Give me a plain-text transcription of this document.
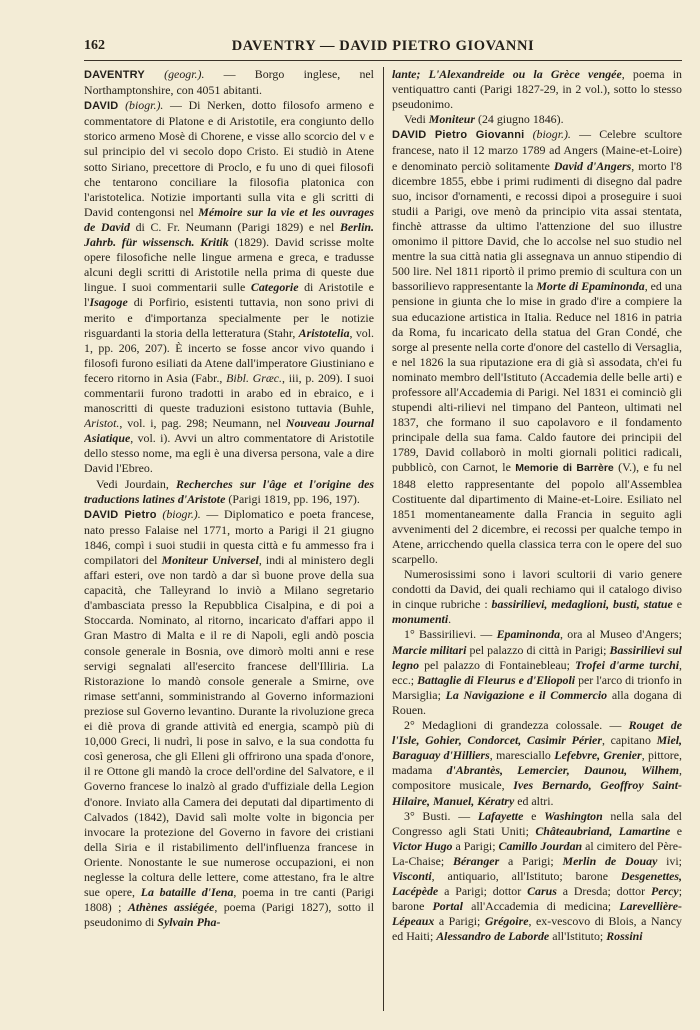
162	DAVENTRY — DAVID PIETRO GIOVANNI

DAVENTRY (geogr.). — Borgo inglese, nel Northamptonshire, con 4051 abitanti.

DAVID (biogr.). — Di Nerken, dotto filosofo armeno e commentatore di Platone e di Aristotile, era congiunto dello storico armeno Mosè di Chorene, e visse allo scorcio del v e sul principio del vi secolo dopo Cristo. Ei studiò in Atene sotto Siriano, precettore di Proclo, e fu uno di quei filosofi che tentarono conciliare la filosofia platonica con l'aristotelica. Notizie importanti sulla vita e gli scritti di David contengonsi nel Mémoire sur la vie et les ouvrages de David di C. Fr. Neumann (Parigi 1829) e nel Berlin. Jahrb. für wissensch. Kritik (1829). David scrisse molte opere filosofiche nelle lingue armena e greca, e tradusse alcuni degli scritti di Aristotile nella prima di queste due lingue. I suoi commentarii sulle Categorie di Aristotile e l'Isagoge di Porfirio, esistenti tuttavia, non sono privi di merito e d'importanza specialmente per le notizie risguardanti la storia della letteratura (Stahr, Aristotelia, vol. 1, pp. 206, 207). È incerto se fosse ancor vivo quando i filosofi furono esiliati da Atene dall'imperatore Giustiniano e fecero ritorno in Asia (Fabr., Bibl. Græc., iii, p. 209). I suoi commentarii furono tradotti in arabo ed in ebraico, e i manoscritti di queste traduzioni esistono tuttavia (Buhle, Aristot., vol. i, pag. 298; Neumann, nel Nouveau Journal Asiatique, vol. i). Avvi un altro commentatore di Aristotile dello stesso nome, ma egli è una diversa persona, vale a dire David l'Ebreo.

Vedi Jourdain, Recherches sur l'âge et l'origine des traductions latines d'Aristote (Parigi 1819, pp. 196, 197).

DAVID Pietro (biogr.). — Diplomatico e poeta francese, nato presso Falaise nel 1771, morto a Parigi il 21 giugno 1846, compì i suoi studii in questa città e fu ammesso fra i compilatori del Moniteur Universel, indi al ministero degli affari esteri, ove non tardò a dar sì buone prove della sua capacità, che Talleyrand lo inviò a Milano segretario d'ambasciata presso la Repubblica Cisalpina, e di poi a Stoccarda. Nominato, al ritorno, incaricato d'affari appo il Gran Mastro di Malta e il re di Napoli, egli andò poscia console generale in Bosnia, ove dimorò molti anni e rese servigi segnalati all'esercito francese dell'Illiria. La Ristorazione lo mandò console generale a Smirne, ove rimase sett'anni, somministrando al Governo informazioni preziose sul Governo levantino. Durante la rivoluzione greca ei diè prova di grande attività ed energia, scampò più di 10,000 Greci, li nudrì, li pose in salvo, e la sua condotta fu così generosa, che gli Elleni gli offrirono una spada d'onore, il re Ottone gli mandò la croce dell'ordine del Salvatore, e il Governo francese lo inalzò al grado d'uffiziale della Legion d'onore. Inviato alla Camera dei deputati dal dipartimento di Calvados (1842), David salì molte volte in bigoncia per invocare la protezione del Governo in favore dei cristiani della Siria e il ristabilimento dell'influenza francese in Oriente. Nonostante le sue numerose occupazioni, ei non neglesse la coltura delle lettere, come attestano, fra le altre sue opere, La bataille d'Iena, poema in tre canti (Parigi 1808) ; Athènes assiégée, poema (Parigi 1827), sotto il pseudonimo di Sylvain Pha-

lante; L'Alexandreide ou la Grèce vengée, poema in ventiquattro canti (Parigi 1827-29, in 2 vol.), sotto lo stesso pseudonimo.

Vedi Moniteur (24 giugno 1846).

DAVID Pietro Giovanni (biogr.). — Celebre scultore francese, nato il 12 marzo 1789 ad Angers (Maine-et-Loire) e denominato perciò solitamente David d'Angers, morto l'8 dicembre 1855, ebbe i primi rudimenti di disegno dal padre suo, incisor d'ornamenti, e recossi dipoi a proseguire i suoi studii a Parigi, ove menò da principio vita assai stentata, finchè attrasse da ultimo l'attenzione del suo illustre omonimo il pittore David, che lo accolse nel suo studio nel mentre la sua città natia gli assegnava un annuo stipendio di 500 lire. Nel 1811 riportò il primo premio di scultura con un bassorilievo rappresentante la Morte di Epaminonda, ed una pensione in giunta che lo mise in grado d'ire a compiere la sua educazione artistica in Italia. Reduce nel 1816 in patria da Roma, fu incaricato della statua del Gran Condé, che sorge al presente nella corte d'onore del castello di Versaglia, e nel 1826 la sua riputazione era di già sì assodata, ch'ei fu nominato membro dell'Istituto (Accademia delle belle arti) e professore all'Accademia di Parigi. Nel 1831 ei cominciò gli stupendi alti-rilievi nel timpano del Panteon, ultimati nel 1837, che formano il suo capolavoro e il fondamento principale della sua fama. Caldo fautore dei principii del 1789, David collaborò in molti giornali politici radicali, pubblicò, con Carnot, le Memorie di Barrère (V.), e fu nel 1848 eletto rappresentante del popolo all'Assemblea Costituente dal dipartimento di Maine-et-Loire. Esiliato nel 1851 momentaneamente dalla Francia in seguito agli avvenimenti del 2 dicembre, ei recossi per qualche tempo in Atene, arricchendo quella classica terra con le opere del suo scarpello.

Numerosissimi sono i lavori scultorii di vario genere condotti da David, dei quali rechiamo qui il catalogo diviso in cinque rubriche : bassirilievi, medaglioni, busti, statue e monumenti.

1° Bassirilievi. — Epaminonda, ora al Museo d'Angers; Marcie militari pel palazzo di città in Parigi; Bassirilievi sul legno pel palazzo di Fontainebleau; Trofei d'arme turchi, ecc.; Battaglie di Fleurus e d'Eliopoli per l'arco di trionfo in Marsiglia; La Navigazione e il Commercio alla dogana di Rouen.

2° Medaglioni di grandezza colossale. — Rouget de l'Isle, Gohier, Condorcet, Casimir Périer, capitano Miel, Baraguay d'Hilliers, maresciallo Lefebvre, Grenier, pittore, madama d'Abrantès, Lemercier, Daunou, Wilhem, compositore musicale, Ives Bernardo, Geoffroy Saint-Hilaire, Manuel, Kératry ed altri.

3° Busti. — Lafayette e Washington nella sala del Congresso agli Stati Uniti; Châteaubriand, Lamartine e Victor Hugo a Parigi; Camillo Jourdan al cimitero del Père-La-Chaise; Béranger a Parigi; Merlin de Douay ivi; Visconti, antiquario, all'Istituto; barone Desgenettes, Lacépède a Parigi; dottor Carus a Dresda; dottor Percy; barone Portal all'Accademia di medicina; Larevellière-Lépeaux a Parigi; Grégoire, ex-vescovo di Blois, a Nancy ed Haiti; Alessandro de Laborde all'Istituto; Rossini
